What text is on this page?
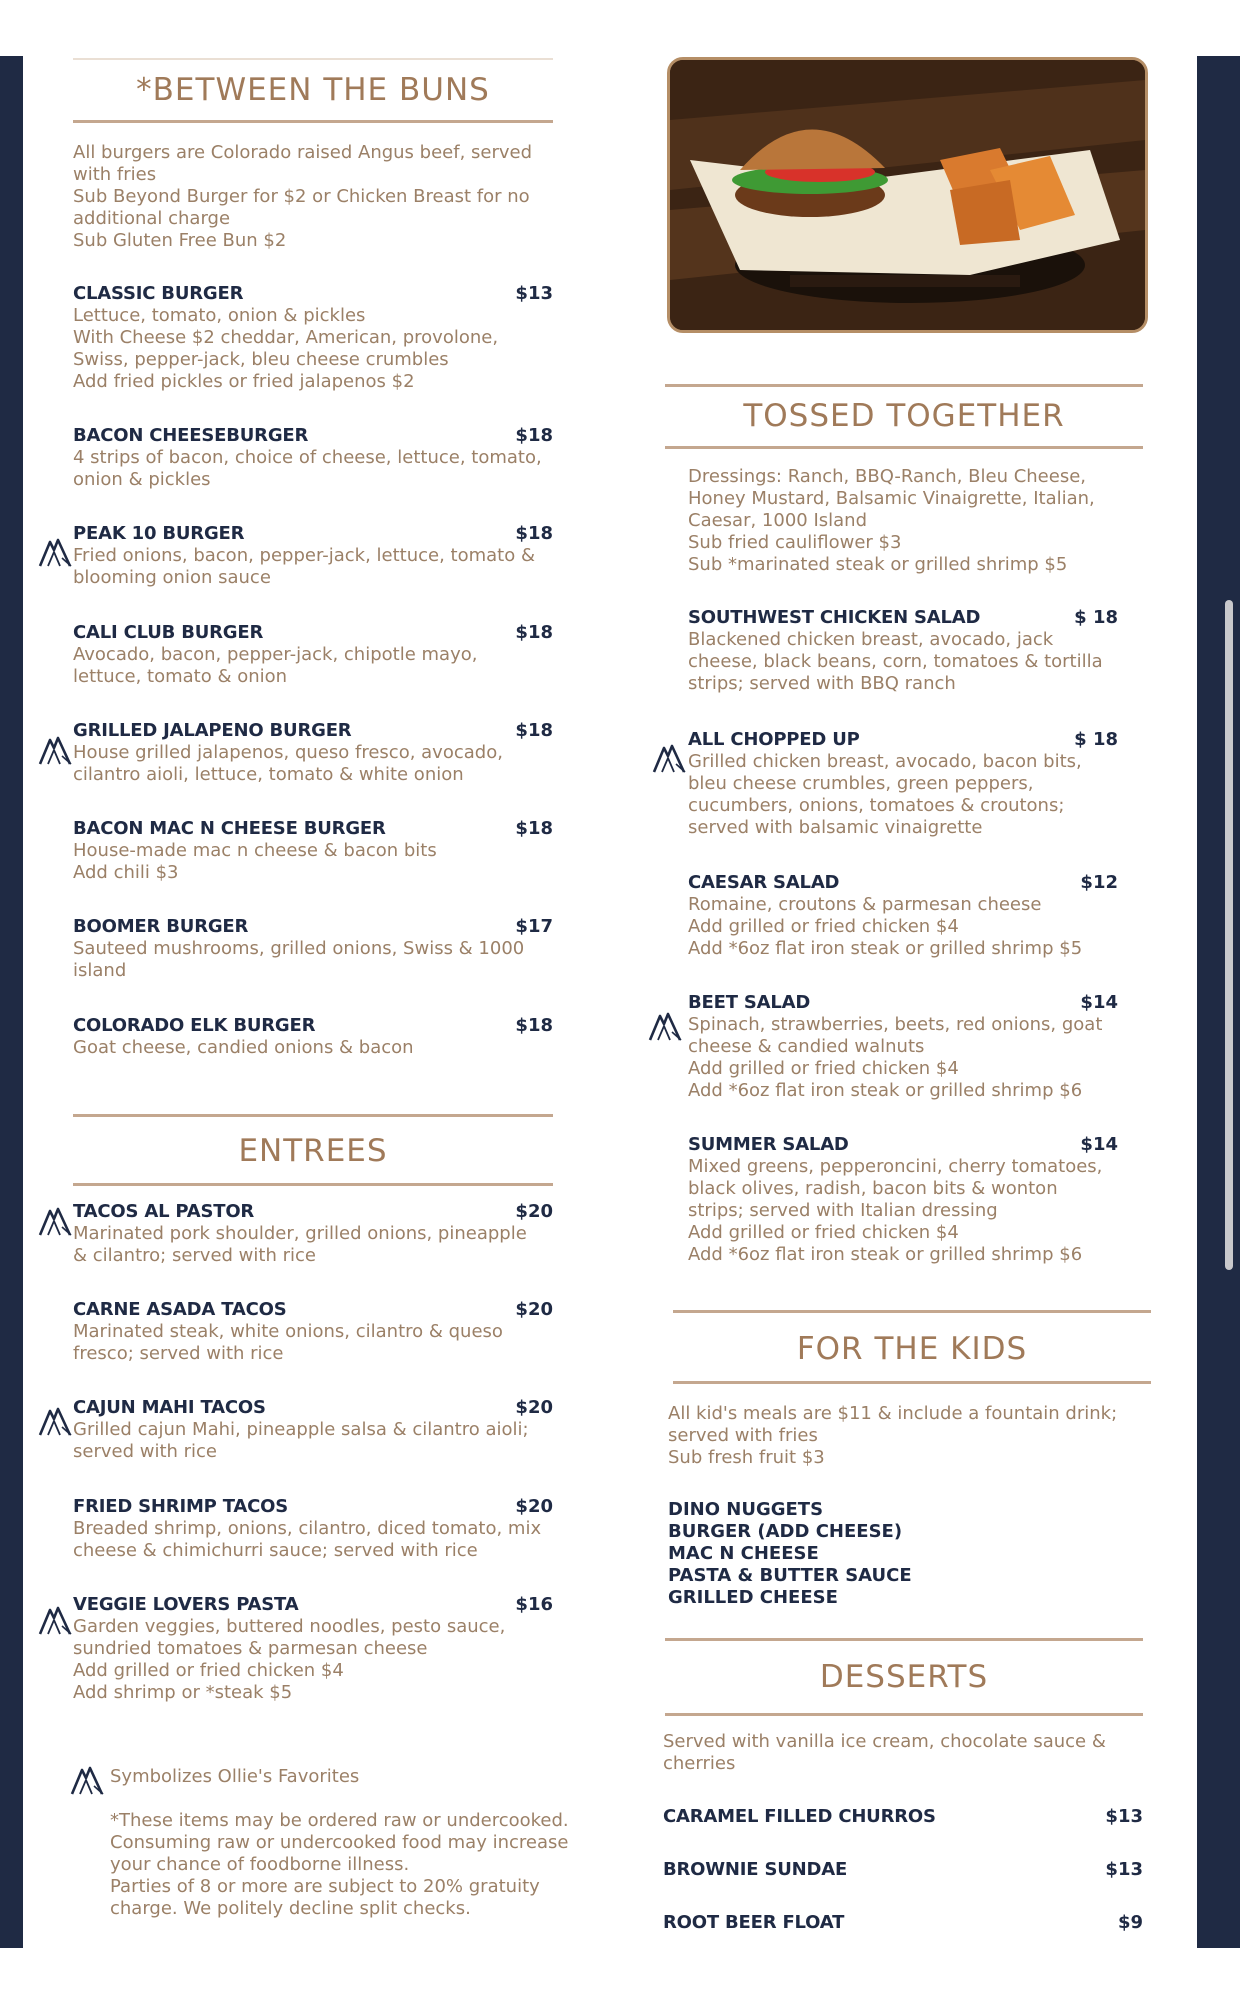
*BETWEEN THE BUNS
All burgers are Colorado raised Angus beef, served
with fries
Sub Beyond Burger for $2 or Chicken Breast for no
additional charge
Sub Gluten Free Bun $2
CLASSIC BURGER	$13
Lettuce, tomato, onion & pickles
With Cheese $2 cheddar, American, provolone,
Swiss, pepper-jack, bleu cheese crumbles
Add fried pickles or fried jalapenos $2
BACON CHEESEBURGER	$18
4 strips of bacon, choice of cheese, lettuce, tomato,
onion & pickles
PEAK 10 BURGER	$18
Fried onions, bacon, pepper-jack, lettuce, tomato &
blooming onion sauce
CALI CLUB BURGER	$18
Avocado, bacon, pepper-jack, chipotle mayo,
lettuce, tomato & onion
GRILLED JALAPENO BURGER	$18
House grilled jalapenos, queso fresco, avocado,
cilantro aioli, lettuce, tomato & white onion
BACON MAC N CHEESE BURGER	$18
House-made mac n cheese & bacon bits
Add chili $3
BOOMER BURGER	$17
Sauteed mushrooms, grilled onions, Swiss & 1000
island
COLORADO ELK BURGER	$18
Goat cheese, candied onions & bacon
ENTREES
TACOS AL PASTOR	$20
Marinated pork shoulder, grilled onions, pineapple
& cilantro; served with rice
CARNE ASADA TACOS	$20
Marinated steak, white onions, cilantro & queso
fresco; served with rice
CAJUN MAHI TACOS	$20
Grilled cajun Mahi, pineapple salsa & cilantro aioli;
served with rice
FRIED SHRIMP TACOS	$20
Breaded shrimp, onions, cilantro, diced tomato, mix
cheese & chimichurri sauce; served with rice
VEGGIE LOVERS PASTA	$16
Garden veggies, buttered noodles, pesto sauce,
sundried tomatoes & parmesan cheese
Add grilled or fried chicken $4
Add shrimp or *steak $5
Symbolizes Ollie's Favorites
*These items may be ordered raw or undercooked.
Consuming raw or undercooked food may increase
your chance of foodborne illness.
Parties of 8 or more are subject to 20% gratuity
charge. We politely decline split checks.
TOSSED TOGETHER
Dressings: Ranch, BBQ-Ranch, Bleu Cheese,
Honey Mustard, Balsamic Vinaigrette, Italian,
Caesar, 1000 Island
Sub fried cauliflower $3
Sub *marinated steak or grilled shrimp $5
SOUTHWEST CHICKEN SALAD	$ 18
Blackened chicken breast, avocado, jack
cheese, black beans, corn, tomatoes & tortilla
strips; served with BBQ ranch
ALL CHOPPED UP	$ 18
Grilled chicken breast, avocado, bacon bits,
bleu cheese crumbles, green peppers,
cucumbers, onions, tomatoes & croutons;
served with balsamic vinaigrette
CAESAR SALAD	$12
Romaine, croutons & parmesan cheese
Add grilled or fried chicken $4
Add *6oz flat iron steak or grilled shrimp $5
BEET SALAD	$14
Spinach, strawberries, beets, red onions, goat
cheese & candied walnuts
Add grilled or fried chicken $4
Add *6oz flat iron steak or grilled shrimp $6
SUMMER SALAD	$14
Mixed greens, pepperoncini, cherry tomatoes,
black olives, radish, bacon bits & wonton
strips; served with Italian dressing
Add grilled or fried chicken $4
Add *6oz flat iron steak or grilled shrimp $6
FOR THE KIDS
All kid's meals are $11 & include a fountain drink;
served with fries
Sub fresh fruit $3
DINO NUGGETS
BURGER (ADD CHEESE)
MAC N CHEESE
PASTA & BUTTER SAUCE
GRILLED CHEESE
DESSERTS
Served with vanilla ice cream, chocolate sauce &
cherries
CARAMEL FILLED CHURROS	$13
BROWNIE SUNDAE	$13
ROOT BEER FLOAT	$9
